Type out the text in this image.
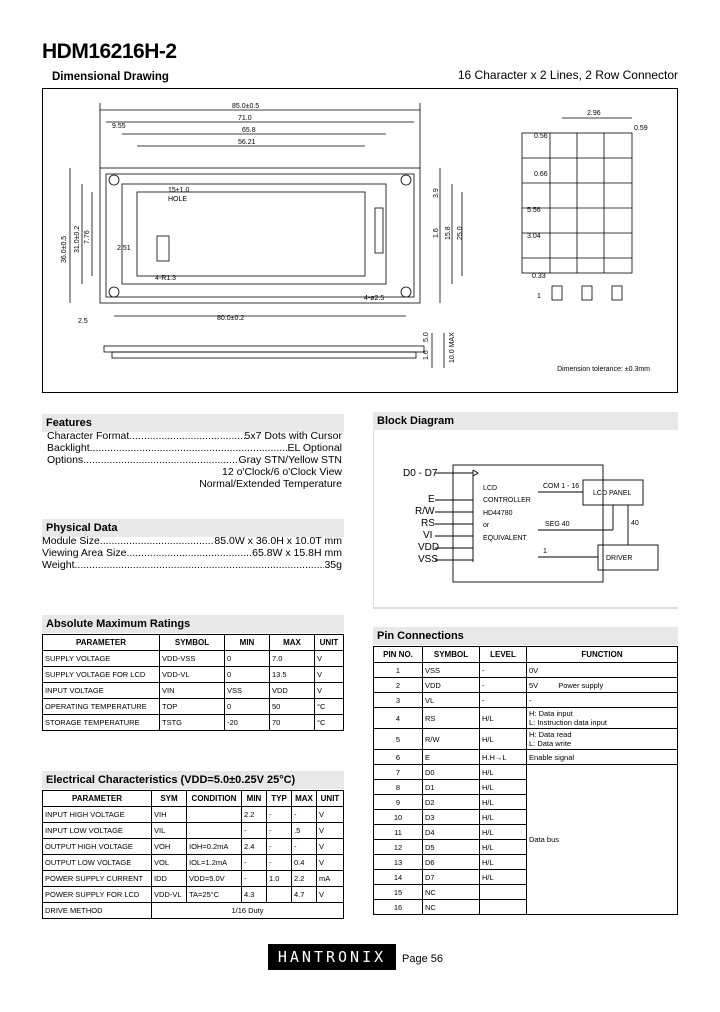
HDM16216H-2
Dimensional Drawing	16 Character x 2 Lines, 2 Row Connector
85.0±0.5
71.0
65.8
56.21
9.55
15±1.0
HOLE
4-R1.3
4-ø2.5
80.0±0.2
2.5
36.0±0.5 31.0±0.2 7.76
2.51
3.9
1.6 15.8 25.0
5.0	10.0 MAX
1.6
2.96
0.56
0.59
0.66
5.56
3.04
0.33
1
Dimension tolerance: ±0.3mm
Features
Character Format .....	5x7 Dots with Cursor
Backlight .....	EL Optional
Options .....	Gray STN/Yellow STN
12 o'Clock/6 o'Clock View
Normal/Extended Temperature
Physical Data
Module Size .....	85.0W x 36.0H x 10.0T mm
Viewing Area Size .....	65.8W x 15.8H mm
Weight .....	35g
Absolute Maximum Ratings
PARAMETER	SYMBOL	MIN	MAX	UNIT
SUPPLY VOLTAGE	VDD-VSS	0	7.0	V
SUPPLY VOLTAGE FOR LCD	VDD-VL	0	13.5	V
INPUT VOLTAGE	VIN	VSS	VDD	V
OPERATING TEMPERATURE	TOP	0	50	°C
STORAGE TEMPERATURE	TSTG	-20	70	°C
Electrical Characteristics (VDD=5.0±0.25V 25°C)
PARAMETER	SYM	CONDITION	MIN	TYP	MAX	UNIT
INPUT HIGH VOLTAGE	VIH		2.2	-	-	V
INPUT LOW VOLTAGE	VIL		-	-	.5	V
OUTPUT HIGH VOLTAGE	VOH	IOH=0.2mA	2.4	-	-	V
OUTPUT LOW VOLTAGE	VOL	IOL=1.2mA	-	-	0.4	V
POWER SUPPLY CURRENT	IDD	VDD=5.0V	-	1.0	2.2	mA
POWER SUPPLY FOR LCD	VDD-VL	TA=25°C	4.3		4.7	V
DRIVE METHOD	1/16 Duty					
Block Diagram
D0 - D7
E
R/W
RS
VI
VDD
VSS
LCD
CONTROLLER
HD44780
or
EQUIVALENT
COM 1 - 16
SEG 40
LCD PANEL
DRIVER
1
40
Pin Connections
PIN NO.	SYMBOL	LEVEL	FUNCTION
1	VSS	-	0V

2	VDD	-	5V Power supply
3	VL	-	-

4	RS	H/L	H: Data input
L: Instruction data input

5	R/W	H/L	H: Data read
L: Data write

6	E	H.H→L	Enable signal

7	D0	H/L	Data bus

8	D1	H/L	
9	D2	H/L	
10	D3	H/L	
11	D4	H/L	
12	D5	H/L	
13	D6	H/L	
14	D7	H/L	
15	NC		
16	NC		
HANTRONIX	Page 56
